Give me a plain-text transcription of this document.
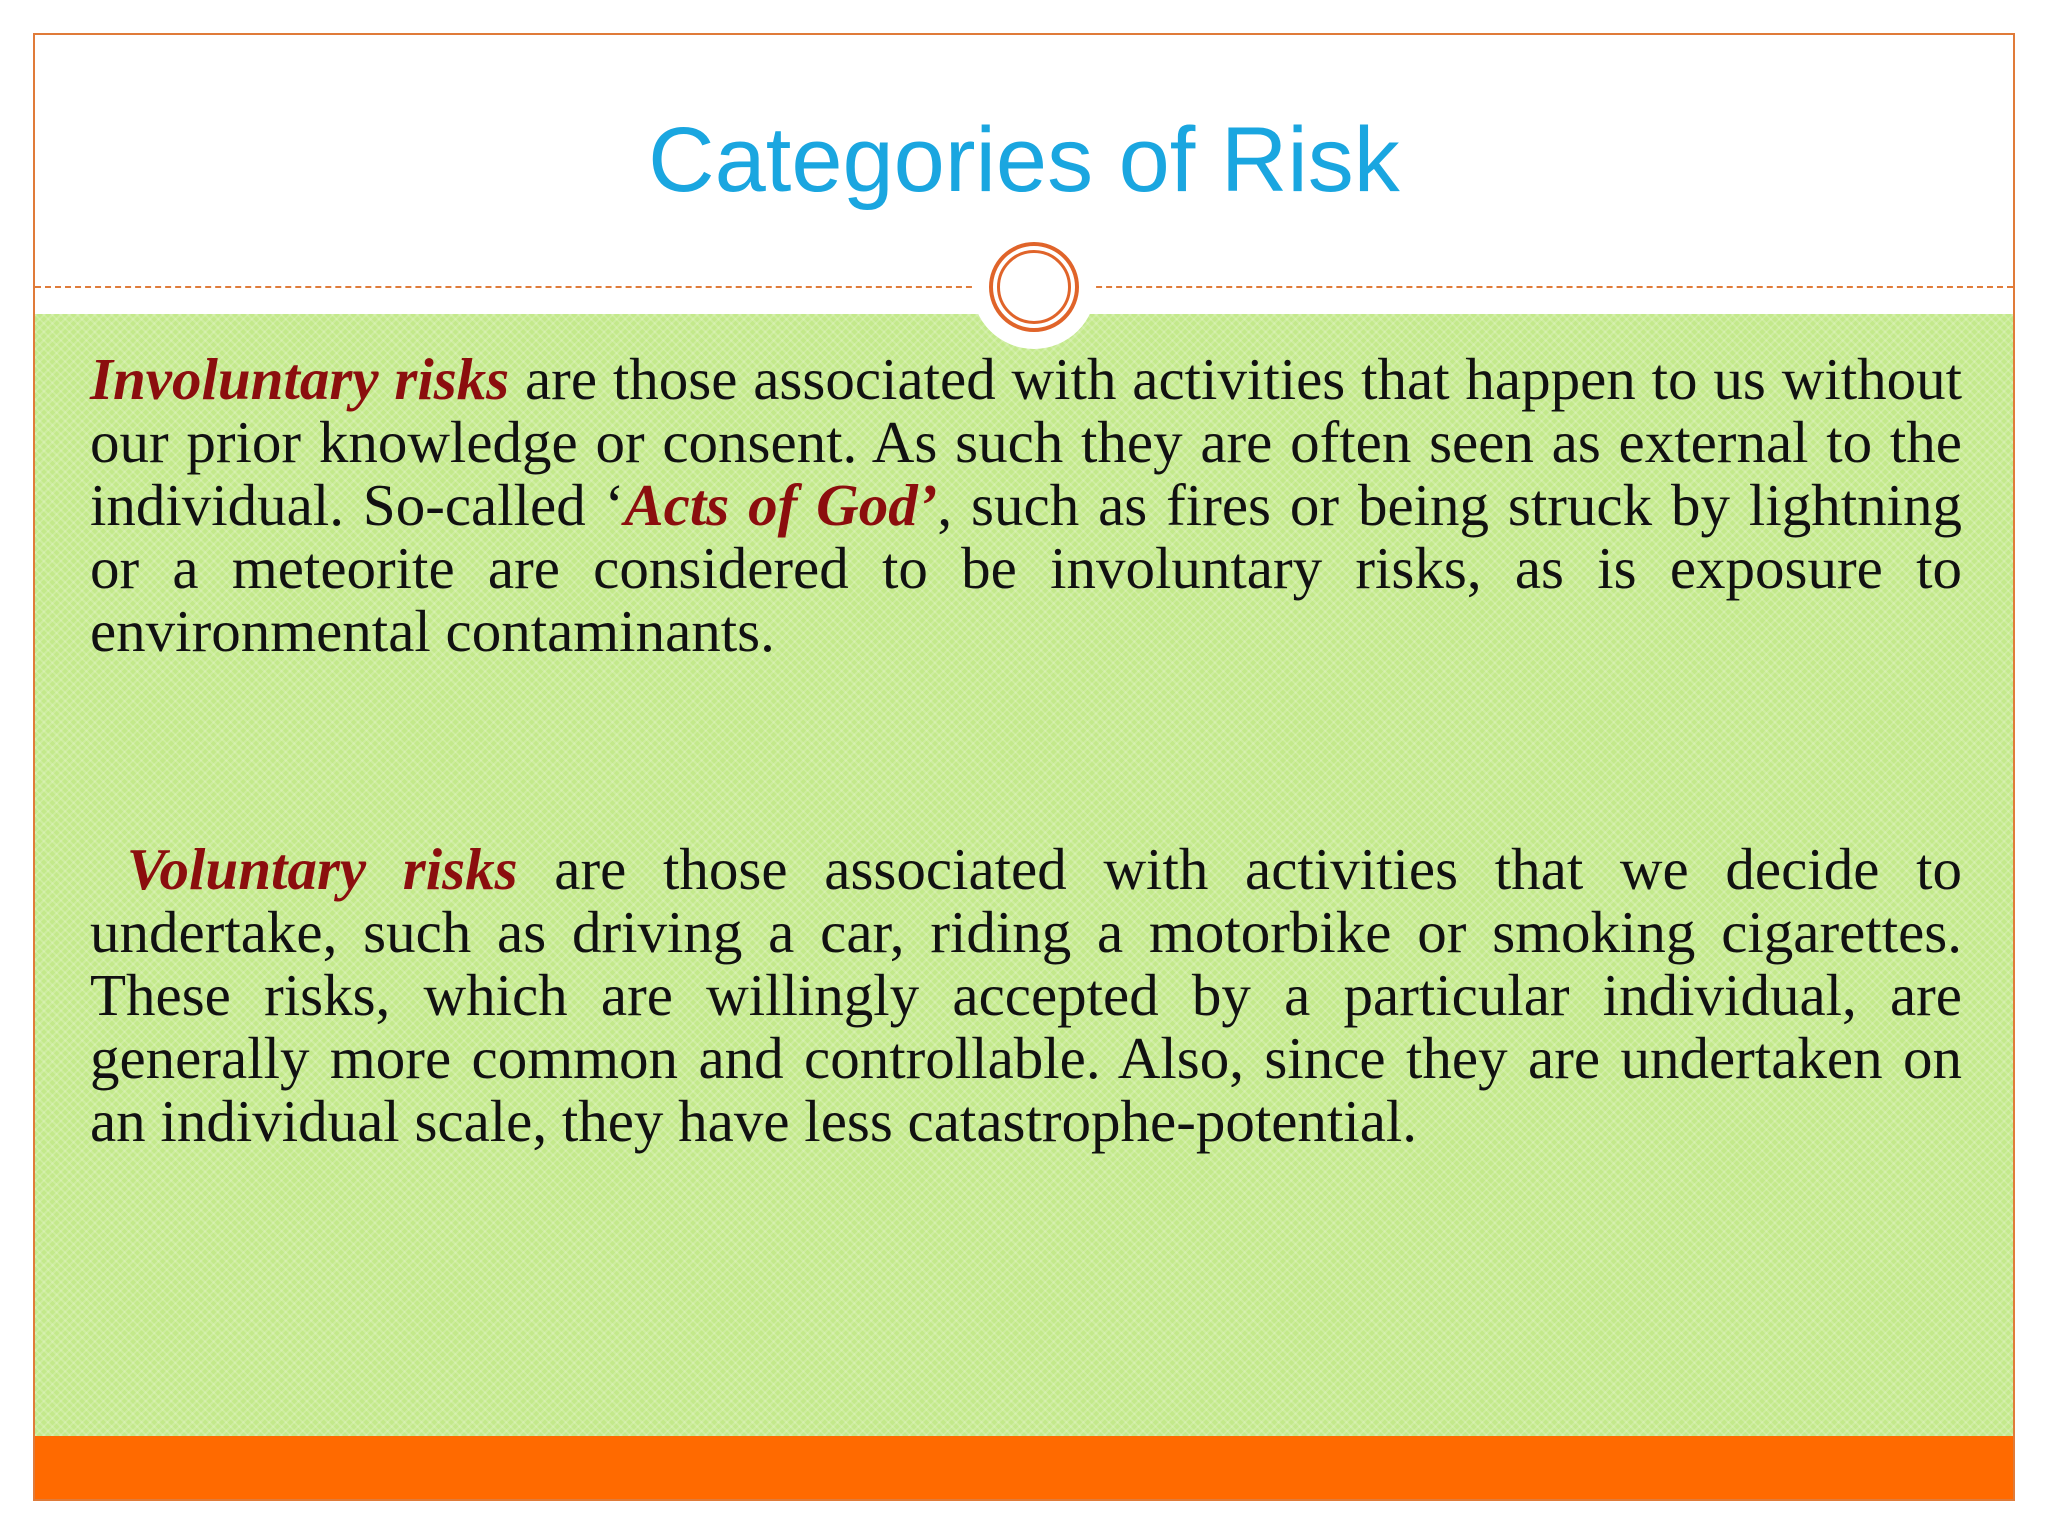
Categories of Risk

Involuntary risks are those associated with activities that happen to us without our prior knowledge or consent. As such they are often seen as external to the individual. So-called ‘Acts of God’, such as fires or being struck by lightning or a meteorite are considered to be involuntary risks, as is exposure to environmental contaminants.

Voluntary risks are those associated with activities that we decide to undertake, such as driving a car, riding a motorbike or smoking cigarettes. These risks, which are willingly accepted by a particular individual, are generally more common and controllable. Also, since they are undertaken on an individual scale, they have less catastrophe-potential.
